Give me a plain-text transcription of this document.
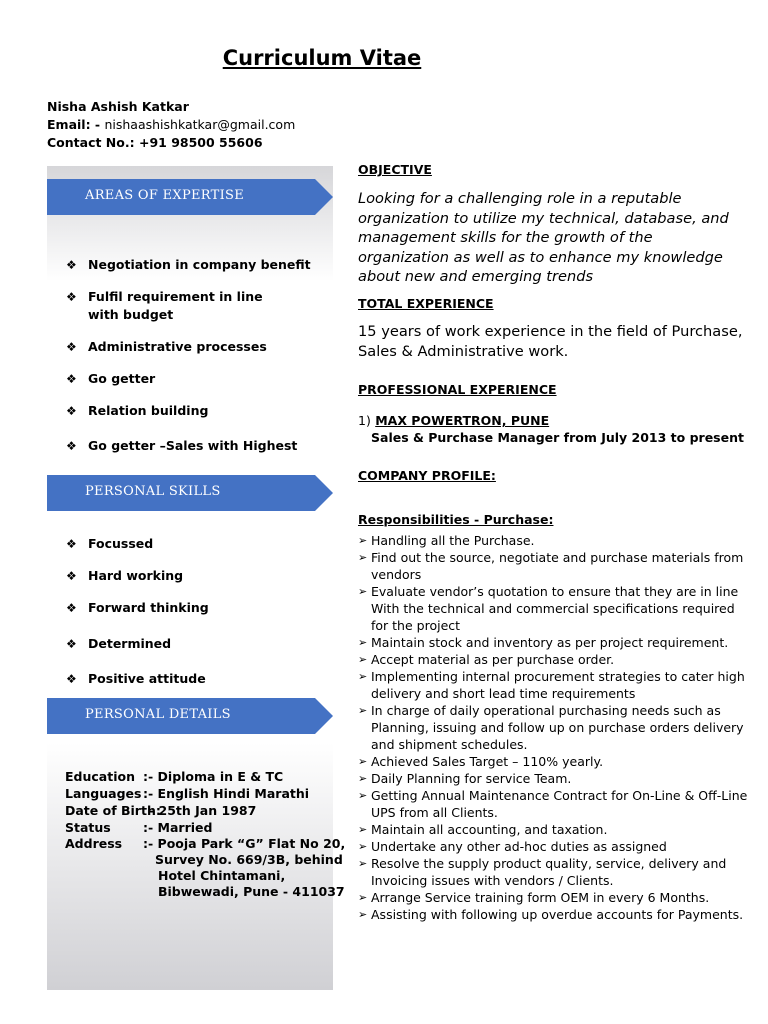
Curriculum Vitae
Nisha Ashish Katkar
Email: - nishaashishkatkar@gmail.com
Contact No.: +91 98500 55606
AREAS OF EXPERTISE
❖ Negotiation in company benefit
❖ Fulfil requirement in line with budget
❖ Administrative processes
❖ Go getter
❖ Relation building
❖ Go getter –Sales with Highest
PERSONAL SKILLS
❖ Focussed
❖ Hard working
❖ Forward thinking
❖ Determined
❖ Positive attitude
PERSONAL DETAILS
Education :- Diploma in E & TC
Languages :- English Hindi Marathi
Date of Birth:
- 25th Jan 1987
Status	:- Married
Address :- Pooja Park “G” Flat No 20,
Survey No. 669/3B, behind
Hotel Chintamani,
Bibwewadi, Pune - 411037
OBJECTIVE
Looking for a challenging role in a reputable organization to utilize my technical, database, and management skills for the growth of the organization as well as to enhance my knowledge about new and emerging trends
TOTAL EXPERIENCE
15 years of work experience in the field of Purchase, Sales & Administrative work.
PROFESSIONAL EXPERIENCE
1) MAX POWERTRON, PUNE
Sales & Purchase Manager from July 2013 to present
COMPANY PROFILE:
Responsibilities - Purchase:
➢ Handling all the Purchase.
➢ Find out the source, negotiate and purchase materials from vendors
➢ Evaluate vendor’s quotation to ensure that they are in line With the technical and commercial specifications required for the project
➢ Maintain stock and inventory as per project requirement.
➢ Accept material as per purchase order.
➢ Implementing internal procurement strategies to cater high delivery and short lead time requirements
➢ In charge of daily operational purchasing needs such as Planning, issuing and follow up on purchase orders delivery and shipment schedules.
➢ Achieved Sales Target – 110% yearly.
➢ Daily Planning for service Team.
➢ Getting Annual Maintenance Contract for On-Line & Off-Line UPS from all Clients.
➢ Maintain all accounting, and taxation.
➢ Undertake any other ad-hoc duties as assigned
➢ Resolve the supply product quality, service, delivery and Invoicing issues with vendors / Clients.
➢ Arrange Service training form OEM in every 6 Months.
➢ Assisting with following up overdue accounts for Payments.
